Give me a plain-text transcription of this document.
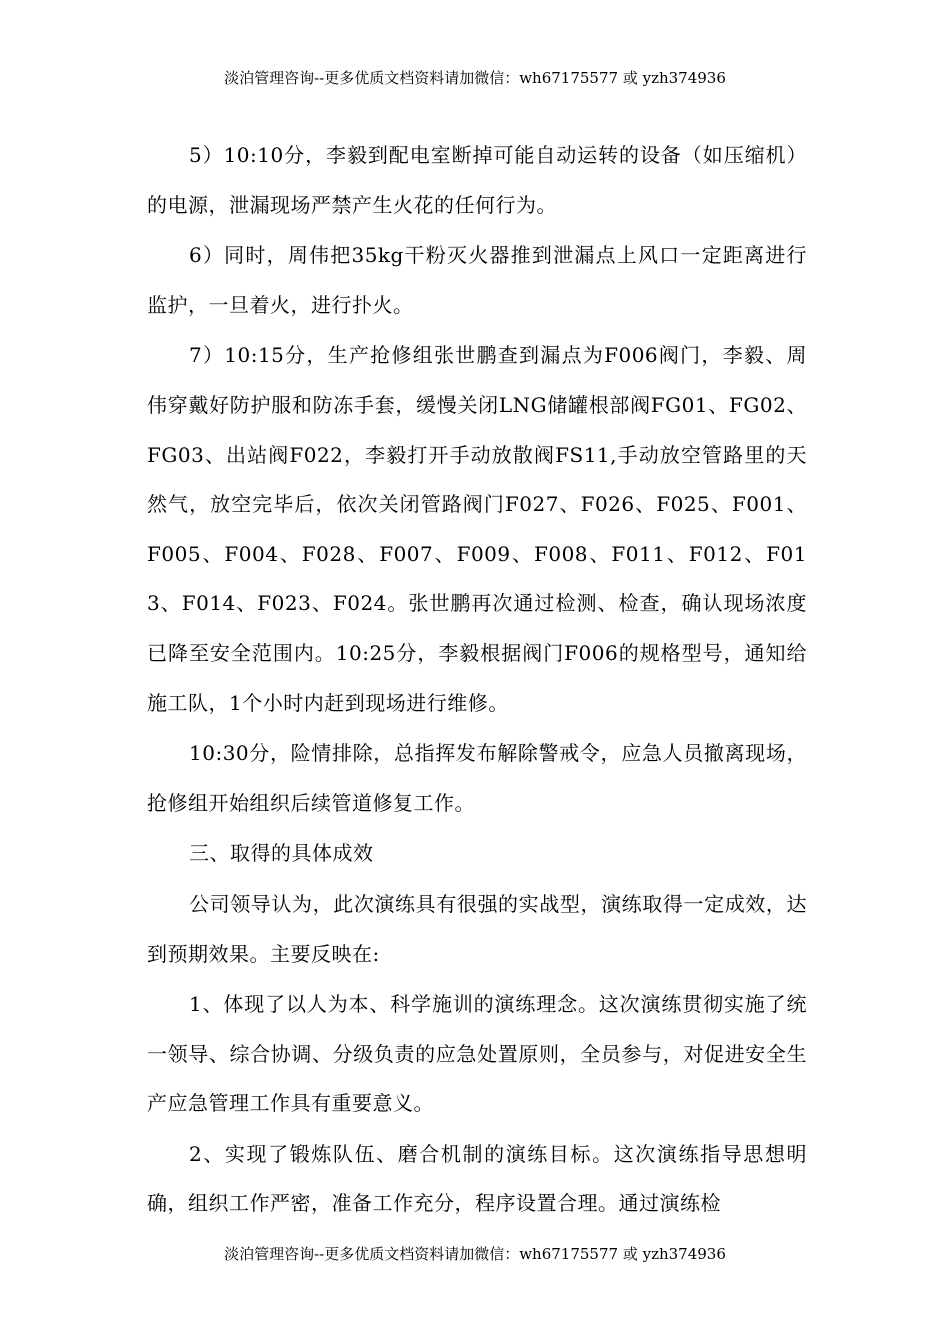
淡泊管理咨询--更多优质文档资料请加微信：wh67175577 或 yzh374936

5）10:10分，李毅到配电室断掉可能自动运转的设备（如压缩机）的电源，泄漏现场严禁产生火花的任何行为。

6）同时，周伟把35kg干粉灭火器推到泄漏点上风口一定距离进行监护，一旦着火，进行扑火。

7）10:15分，生产抢修组张世鹏查到漏点为F006阀门，李毅、周伟穿戴好防护服和防冻手套，缓慢关闭LNG储罐根部阀FG01、FG02、FG03、出站阀F022，李毅打开手动放散阀FS11,手动放空管路里的天然气，放空完毕后，依次关闭管路阀门F027、F026、F025、F001、F005、F004、F028、F007、F009、F008、F011、F012、F013、F014、F023、F024。张世鹏再次通过检测、检查，确认现场浓度已降至安全范围内。10:25分，李毅根据阀门F006的规格型号，通知给施工队，1个小时内赶到现场进行维修。

10:30分，险情排除，总指挥发布解除警戒令，应急人员撤离现场，抢修组开始组织后续管道修复工作。

三、取得的具体成效

公司领导认为，此次演练具有很强的实战型，演练取得一定成效，达到预期效果。主要反映在:

1、体现了以人为本、科学施训的演练理念。这次演练贯彻实施了统一领导、综合协调、分级负责的应急处置原则，全员参与，对促进安全生产应急管理工作具有重要意义。

2、实现了锻炼队伍、磨合机制的演练目标。这次演练指导思想明确，组织工作严密，准备工作充分，程序设置合理。通过演练检

淡泊管理咨询--更多优质文档资料请加微信：wh67175577 或 yzh374936
